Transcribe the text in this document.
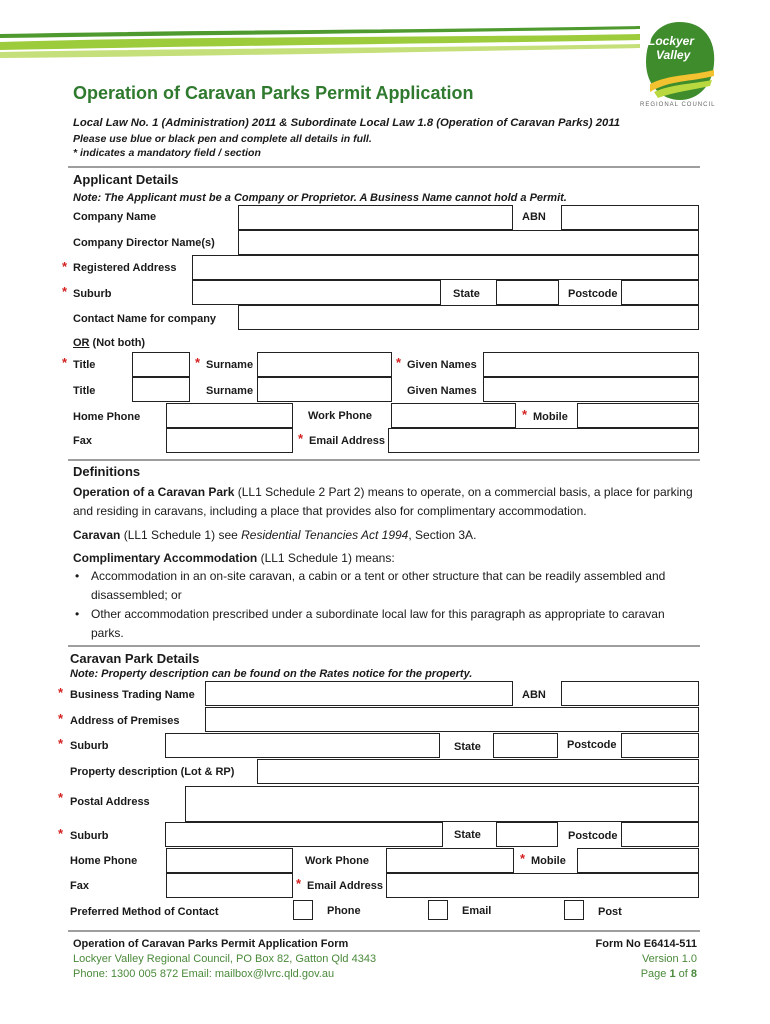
Lockyer
Valley
REGIONAL COUNCIL
Operation of Caravan Parks Permit Application
Local Law No. 1 (Administration) 2011 & Subordinate Local Law 1.8 (Operation of Caravan Parks) 2011
Please use blue or black pen and complete all details in full.
* indicates a mandatory field / section
Applicant Details
Note: The Applicant must be a Company or Proprietor. A Business Name cannot hold a Permit.
Company Name	ABN
Company Director Name(s)
* Registered Address
* Suburb	State	Postcode
Contact Name for company
OR (Not both)
* Title	* Surname	* Given Names
Title	Surname	Given Names
Home Phone	Work Phone	* Mobile
Fax	* Email Address
Definitions
Operation of a Caravan Park (LL1 Schedule 2 Part 2) means to operate, on a commercial basis, a place for parking and residing in caravans, including a place that provides also for complimentary accommodation.
Caravan (LL1 Schedule 1) see Residential Tenancies Act 1994, Section 3A.
Complimentary Accommodation (LL1 Schedule 1) means:
• Accommodation in an on-site caravan, a cabin or a tent or other structure that can be readily assembled and disassembled; or
• Other accommodation prescribed under a subordinate local law for this paragraph as appropriate to caravan parks.
Caravan Park Details
Note: Property description can be found on the Rates notice for the property.
* Business Trading Name	ABN
* Address of Premises
* Suburb	State	Postcode
Property description (Lot & RP)
* Postal Address
* Suburb	State	Postcode
Home Phone	Work Phone	* Mobile
Fax	* Email Address
Preferred Method of Contact	Phone	Email	Post
Operation of Caravan Parks Permit Application Form
Lockyer Valley Regional Council, PO Box 82, Gatton Qld 4343
Phone: 1300 005 872 Email: mailbox@lvrc.qld.gov.au
Form No E6414-511
Version 1.0
Page 1 of 8
